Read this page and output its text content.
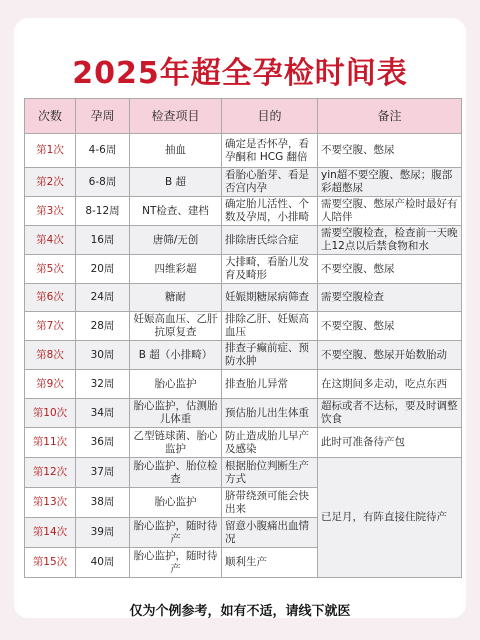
2025年超全孕检时间表
次数	孕周	检查项目	目的	备注
第1次	4-6周	抽血	确定是否怀孕，看孕酮和 HCG 翻倍	不要空腹、憋尿
第2次	6-8周	B 超	看胎心胎芽、看是否宫内孕	yin超不要空腹、憋尿；腹部彩超憋尿
第3次	8-12周	NT检查、建档	确定胎儿活性、个数及孕周，小排畸	需要空腹、憋尿产检时最好有人陪伴
第4次	16周	唐筛/无创	排除唐氏综合症	需要空腹检查，检查前一天晚上12点以后禁食物和水
第5次	20周	四维彩超	大排畸，看胎儿发育及畸形	不要空腹、憋尿
第6次	24周	糖耐	妊娠期糖尿病筛查	需要空腹检查
第7次	28周	妊娠高血压、乙肝抗原复查	排除乙肝、妊娠高血压	不要空腹、憋尿
第8次	30周	B 超（小排畸）	排查子癫前症、预防水肿	不要空腹、憋尿开始数胎动
第9次	32周	胎心监护	排查胎儿异常	在这期间多走动，吃点东西
第10次	34周	胎心监护，估测胎儿体重	预估胎儿出生体重	超标或者不达标，要及时调整饮食
第11次	36周	乙型链球菌、胎心监护	防止造成胎儿早产及感染	此时可准备待产包
第12次	37周	胎心监护、胎位检查	根据胎位判断生产方式	已足月，有阵直接住院待产
第13次	38周	胎心监护	脐带绕颈可能会快出来	
第14次	39周	胎心监护，随时待产	留意小腹痛出血情况	
第15次	40周	胎心监护，随时待产	顺利生产	
仅为个例参考，如有不适，请线下就医
